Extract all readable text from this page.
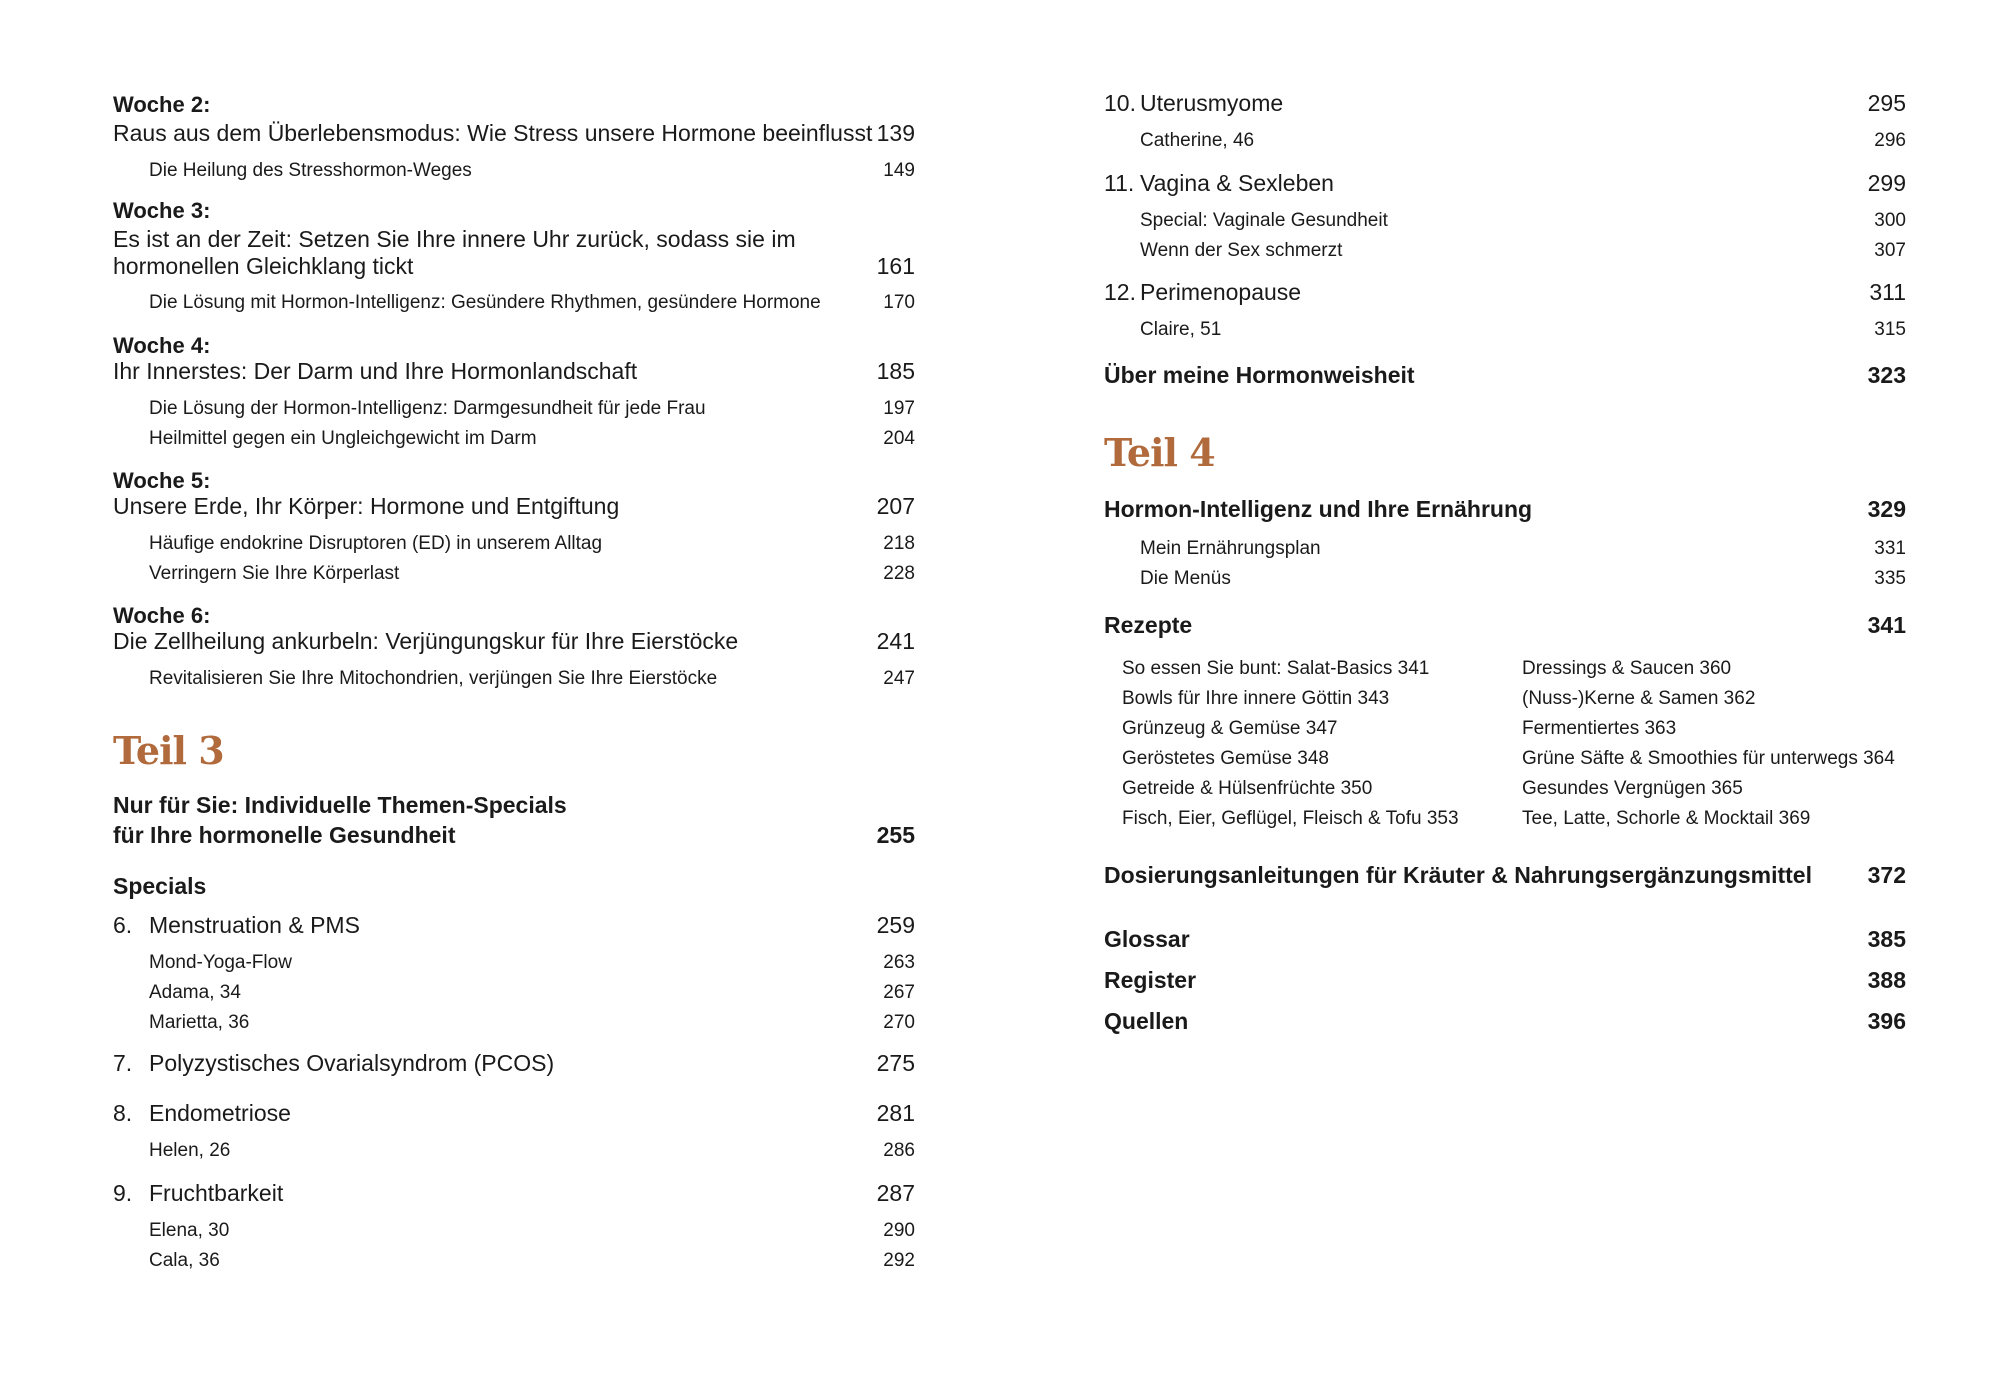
Woche 2:
Raus aus dem Überlebensmodus: Wie Stress unsere Hormone beeinflusst 139
Die Heilung des Stresshormon-Weges	149
Woche 3:
Es ist an der Zeit: Setzen Sie Ihre innere Uhr zurück, sodass sie im
hormonellen Gleichklang tickt	161
Die Lösung mit Hormon-Intelligenz: Gesündere Rhythmen, gesündere Hormone	170
Woche 4:
Ihr Innerstes: Der Darm und Ihre Hormonlandschaft	185
Die Lösung der Hormon-Intelligenz: Darmgesundheit für jede Frau	197
Heilmittel gegen ein Ungleichgewicht im Darm	204
Woche 5:
Unsere Erde, Ihr Körper: Hormone und Entgiftung	207
Häufige endokrine Disruptoren (ED) in unserem Alltag	218
Verringern Sie Ihre Körperlast	228
Woche 6:
Die Zellheilung ankurbeln: Verjüngungskur für Ihre Eierstöcke	241
Revitalisieren Sie Ihre Mitochondrien, verjüngen Sie Ihre Eierstöcke	247
Teil 3
Nur für Sie: Individuelle Themen-Specials
für Ihre hormonelle Gesundheit	255
Specials
6. Menstruation & PMS	259
Mond-Yoga-Flow	263
Adama, 34	267
Marietta, 36	270
7. Polyzystisches Ovarialsyndrom (PCOS)	275
8. Endometriose	281
Helen, 26	286
9. Fruchtbarkeit	287
Elena, 30	290
Cala, 36	292
10. Uterusmyome	295
Catherine, 46	296
11. Vagina & Sexleben	299
Special: Vaginale Gesundheit	300
Wenn der Sex schmerzt	307
12. Perimenopause	311
Claire, 51	315
Über meine Hormonweisheit	323
Teil 4
Hormon-Intelligenz und Ihre Ernährung	329
Mein Ernährungsplan	331
Die Menüs	335
Rezepte	341
So essen Sie bunt: Salat-Basics 341
Bowls für Ihre innere Göttin 343
Grünzeug & Gemüse 347
Geröstetes Gemüse 348
Getreide & Hülsenfrüchte 350
Fisch, Eier, Geflügel, Fleisch & Tofu 353
Dressings & Saucen 360
(Nuss-)Kerne & Samen 362
Fermentiertes 363
Grüne Säfte & Smoothies für unterwegs 364
Gesundes Vergnügen 365
Tee, Latte, Schorle & Mocktail 369
Dosierungsanleitungen für Kräuter & Nahrungsergänzungsmittel	372
Glossar	385
Register	388
Quellen	396
